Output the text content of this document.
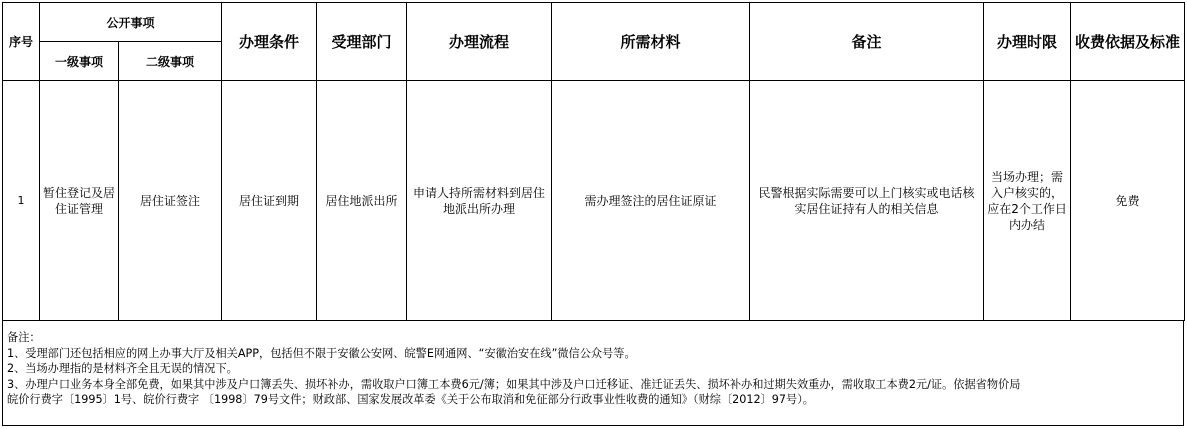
序号	公开事项		办理条件	受理部门	办理流程	所需材料	备注	办理时限	收费依据及标准
	一级事项	二级事项							
1	暂住登记及居住证管理	居住证签注	居住证到期	居住地派出所	申请人持所需材料到居住地派出所办理	需办理签注的居住证原证	民警根据实际需要可以上门核实或电话核实居住证持有人的相关信息	当场办理；需入户核实的，应在2个工作日内办结	免费
备注：
1、受理部门还包括相应的网上办事大厅及相关APP，包括但不限于安徽公安网、皖警E网通网、“安徽治安在线”微信公众号等。
2、当场办理指的是材料齐全且无误的情况下。
3、办理户口业务本身全部免费，如果其中涉及户口簿丢失、损坏补办，需收取户口簿工本费6元/簿；如果其中涉及户口迁移证、准迁证丢失、损坏补办和过期失效重办，需收取工本费2元/证。依据省物价局
皖价行费字〔1995〕1号、皖价行费字 〔1998〕79号文件；财政部、国家发展改革委《关于公布取消和免征部分行政事业性收费的通知》（财综〔2012〕97号）。
